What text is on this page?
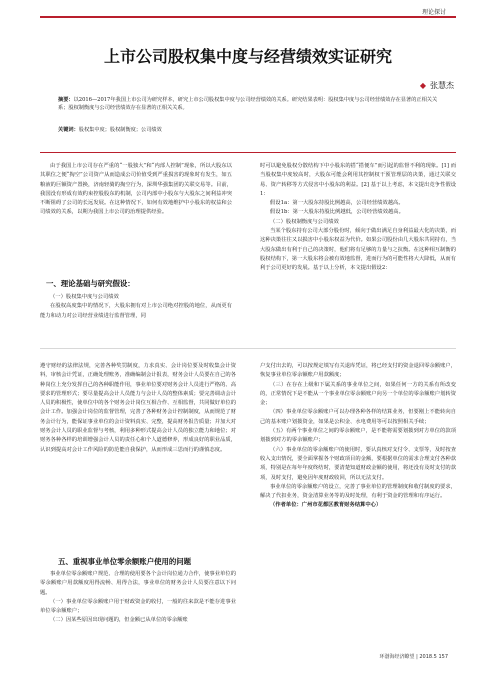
理论探讨
上市公司股权集中度与经营绩效实证研究
◆ 张慧杰
摘要：以2016—2017年我国上市公司为研究样本，研究上市公司股权集中度与公司经营绩效的关系。研究结果表明：股权集中度与公司经营绩效存在显著的正相关关系；股权制衡度与公司经营绩效存在显著的正相关关系。
关键词：股权集中度；股权制衡度；公司绩效

由于我国上市公司存在严重的“一股独大”和“内部人控制”现象，所以大股东以其职位之便“掏空”公司资产从而造成公司价值受到严重损害的现象时有发生，如五粮液的巨额资产置换，济南轻骑的掏空行为，深圳华强集团的关联交易等。目前，我国没有形成有效约束控股股东的机制，公司内部中小股东与大股东之间利益冲突不断阻碍了公司的长远发展。在这种情况下，如何有效地维护中小股东的权益和公司绩效的关系，以期为我国上市公司的治理提供经验。

一、理论基础与研究假设：

（一）股权集中度与公司绩效

在股权高度集中的情况下，大股东拥有对上市公司绝对控股的地位，从而更有能力和动力对公司经营业绩进行监督管理，同

时可以避免股权分散结构下中小股东的搭“搭便车”而引起的监督不利的现象。[1] 而当股权集中度较高时，大股东可能会利用其控制权干预管理层的决策，通过关联交易、资产转移等方式侵害中小股东的利益。[2] 基于以上考虑，本文提出竞争性假设1：

假设1a：第一大股东持股比例越高，公司经营绩效越高。

假设1b：第一大股东持股比例越低，公司经营绩效越高。

（二）股权制衡度与公司绩效

当某个股东持有公司大部分股份时，倾向于做出满足自身利益最大化的决策，而这种决策往往又以损害中小股东权益为代价。如果公司股份由几大股东共同持有，当大股东做出有利于自己的决策时，他们将有足够的力量与之抗衡。在这种相互制衡的股权结构下，第一大股东将会被有效地监督，进而行为的可能性将大大降低，从而有利于公司更好的发展。基于以上分析，本文提出假设2：

遵守财经的法律法规，完善各种奖罚制度，力求真实、会计岗位要及时收集会计资料，审核会计凭证，正确处理账务，准确编制会计报表，财务会计人员要在自己的各种岗位上充分发挥自己的各种职能作用，事业单位要对财务会计人员进行严格的、高要求的管理形式；要尽量提高会计人员能力与会计人员的整体素质；要完善调动会计人员的积极性，使单位中的各个财务会计岗位互相合作、互相监督，共同做好单位的会计工作。加强会计岗位的监督管理，完善了各种财务会计控制制度，从而规范了财务会计行为，能保证事业单位的会计资料真实、完整，提高财务报告质量；并加大对财务会计人员的职业监督与考核，利用多种形式提高会计人员的独立能力和地位；对财务各种各样的培训增强会计人员的责任心和个人道德修养，形成良好的职业品质，认识到提高对会计工作风险的防范能自我保护，从而形成三思而行的谨慎态度。

五、重视事业单位零余额账户使用的问题

事业单位零余额账户规范、合理的使用要各个会计岗位通力合作，使事业单位的零余额账户用款额度用得流畅、用得合法，事业单位的财务会计人员要注意以下问题。

（一）事业单位零余额账户用于财政资金的收付，一般的往来款是不能存进事业单位零余额账户；

（二）因某些原因出现问题的，但金额已从单位的零余额账

户支付出去的，可以按规定填写有关退库凭证，将已经支付的资金退回零余额账户，恢复事业单位零余额账户用款额度；

（三）在存在上级和下属关系的事业单位之间，如果任何一方的关系有所改变的，正常情况下是不能从一个事业单位零余额账户向另一个单位的零余额账户划转资金；

（四）事业单位零余额账户可以办理各种各样的结算业务，但要刚上不能转向自己的基本账户划拨资金，如果是公积金、水电费用等可以按照相关手续；

（五）有两个事业单位之间的零余额账户，是不能将需要划拨到对方单位的款项划拨到对方的零余额账户；

（六）事业单位的零余额账户的使用时，要认真核对支付令、支票等，及时按查收入支出情况，要全面掌握各个财政项目的金额，要根据单位的需求合理支付各种款项，特别是在每年年度终结时，要清楚知道财政金额的使用，将还没有及时支付的款项，及时支付，避免因年度财政收回，所以无法支付。

事业单位的零余额账户的设立，完善了事业单位的管理制度和收付制度的要求，解决了代扣业务，资金清算业务等的及时处理，有利于资金的管理和有序运行。

（作者单位：广州市花都区教育财务结算中心）

环渤海经济瞭望 | 2018.5 157
